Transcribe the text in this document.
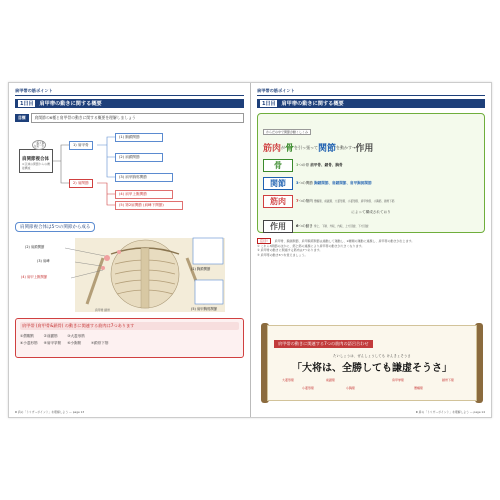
肩甲帯の筋ポイント
1日目	肩甲帯の動きに関する概要
目標	肩関節の6種と肩甲骨の動きに関する概要を理解しましょう
一番大事な第一歩
肩関節複合体
4 区域の関節からの機能構成
1) 肩甲骨
2) 肩関節
(1) 胸鎖関節
(2) 肩鎖関節
(3) 肩甲胸郭関節
(4) 肩甲上腕関節
(5) 第2肩関節 (肩峰下関節)
肩関節複合体は5つの関節から成る
(2) 肩鎖関節
(3) 肩峰
(4) 肩甲上腕関節
(1) 胸鎖関節
(5) 肩甲胸郭関節
肩甲骨 鎖骨
肩甲帯 (肩甲骨&鎖骨) の動きに関連する筋肉は7つあります
①僧帽筋	②前鋸筋	③大菱形筋
④小菱形筋 ⑤肩甲挙筋 ⑥小胸筋	⑦鎖骨下筋
Ⅲ 肩の「トリガーポイント」を理解しよう — page 13
肩甲帯の筋ポイント
1日目	肩甲帯の動きに関する概要
からだの中で関節が動くしくみ
筋肉 が 骨 を引っ張って 関節 を動かす→ 作用
骨	3つの骨 肩甲骨、鎖骨、胸骨
関節	3つの関節 胸鎖関節、肩鎖関節、肩甲胸郭関節
筋肉	7つの筋肉 僧帽筋、前鋸筋、大菱形筋、小菱形筋、肩甲挙筋、小胸筋、鎖骨下筋
によって構成されており
作用	6つの動き 挙上、下制、外転、内転、上方回旋、下方回旋
注目! 肩甲骨、胸鎖関節、肩甲胸郭関節は連動して運動し、2種類の運動に連携し、肩甲帯の動きが生じます。
① これら3関節のほかに、筋と筋の連携により肩甲帯の動きが大きくなります。
② 肩甲骨の動きに関連する筋肉は7つあります。
③ 肩甲帯の動き6つを覚えましょう。
肩甲帯の動きに関連する7つの筋肉の語呂合わせ
たいしょうは、ぜんしょうしても けんきょそうさ
「大将は、全勝しても謙虚そうさ」
大菱形筋
小菱形筋
前鋸筋
小胸筋
肩甲挙筋
僧帽筋
鎖骨下筋
Ⅲ 肩の「トリガーポイント」を理解しよう — page 14
